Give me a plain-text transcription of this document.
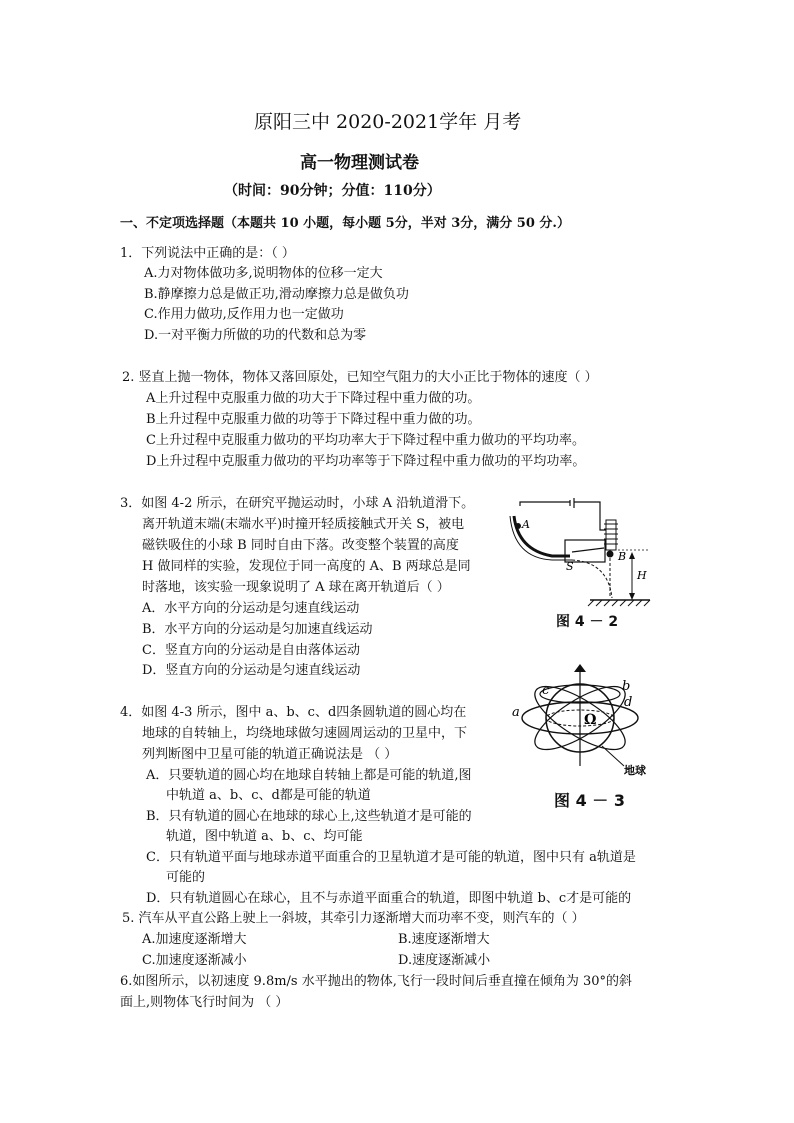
原阳三中 2020-2021学年 月考
高一物理测试卷
（时间：90分钟；分值：110分）
一、不定项选择题（本题共 10 小题，每小题 5分，半对 3分，满分 50 分.）
1．下列说法中正确的是：（ ）
A.力对物体做功多,说明物体的位移一定大
B.静摩擦力总是做正功,滑动摩擦力总是做负功
C.作用力做功,反作用力也一定做功
D.一对平衡力所做的功的代数和总为零
2. 竖直上抛一物体，物体又落回原处，已知空气阻力的大小正比于物体的速度（ ）
A上升过程中克服重力做的功大于下降过程中重力做的功。
B上升过程中克服重力做的功等于下降过程中重力做的功。
C上升过程中克服重力做功的平均功率大于下降过程中重力做功的平均功率。
D上升过程中克服重力做功的平均功率等于下降过程中重力做功的平均功率。
3．如图 4-2 所示，在研究平抛运动时，小球 A 沿轨道滑下。
离开轨道末端(末端水平)时撞开轻质接触式开关 S，被电
磁铁吸住的小球 B 同时自由下落。改变整个装置的高度
H 做同样的实验，发现位于同一高度的 A、B 两球总是同
时落地，该实验一现象说明了 A 球在离开轨道后（ ）
A．水平方向的分运动是匀速直线运动
B．水平方向的分运动是匀加速直线运动
C．竖直方向的分运动是自由落体运动
D．竖直方向的分运动是匀速直线运动
A
B
S
H
图 4 － 2
4．如图 4-3 所示，图中 a、b、c、d四条圆轨道的圆心均在
地球的自转轴上，均绕地球做匀速圆周运动的卫星中，下
列判断图中卫星可能的轨道正确说法是 （ ）
A．只要轨道的圆心均在地球自转轴上都是可能的轨道,图
中轨道 a、b、c、d都是可能的轨道
B．只有轨道的圆心在地球的球心上,这些轨道才是可能的
轨道，图中轨道 a、b、c、均可能
C．只有轨道平面与地球赤道平面重合的卫星轨道才是可能的轨道，图中只有 a轨道是
可能的
D．只有轨道圆心在球心，且不与赤道平面重合的轨道，即图中轨道 b、c才是可能的
Ω
c	b
d
a
地球
图 4 － 3
5. 汽车从平直公路上驶上一斜坡，其牵引力逐渐增大而功率不变，则汽车的（ ）
A.加速度逐渐增大	B.速度逐渐增大
C.加速度逐渐减小	D.速度逐渐减小
6.如图所示，以初速度 9.8m/s 水平抛出的物体,飞行一段时间后垂直撞在倾角为 30°的斜
面上,则物体飞行时间为 （ ）
